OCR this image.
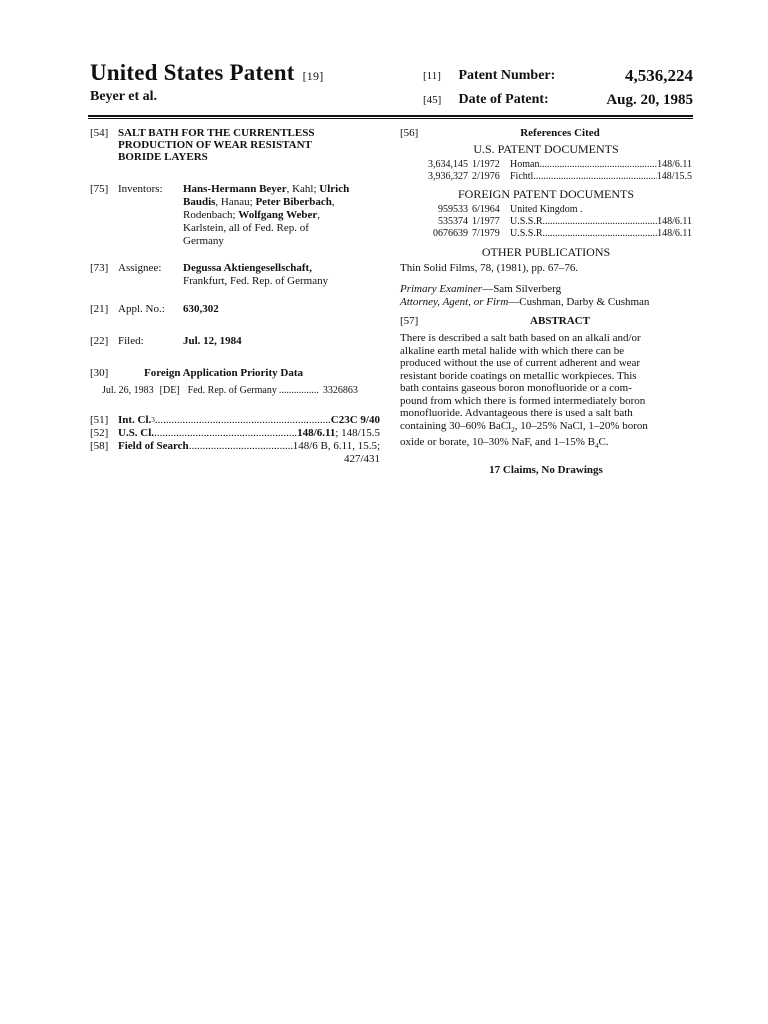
United States Patent [19]
Beyer et al.
[11] Patent Number:	4,536,224
[45] Date of Patent:	Aug. 20, 1985
[54] SALT BATH FOR THE CURRENTLESS
PRODUCTION OF WEAR RESISTANT
BORIDE LAYERS
[75] Inventors:	Hans-Hermann Beyer, Kahl; Ulrich
Baudis, Hanau; Peter Biberbach,
Rodenbach; Wolfgang Weber,
Karlstein, all of Fed. Rep. of
Germany
[73] Assignee:	Degussa Aktiengesellschaft,
Frankfurt, Fed. Rep. of Germany
[21] Appl. No.:	630,302
[22] Filed:	Jul. 12, 1984
[30]	Foreign Application Priority Data
Jul. 26, 1983 [DE] Fed. Rep. of Germany .....	3326863
[51] Int. Cl. 3 .....	C23C 9/40
[52] U.S. Cl. .....	148/6.11 ; 148/15.5
[58] Field of Search .....	148/6 B, 6.11, 15.5;
427/431
[56]	References Cited
U.S. PATENT DOCUMENTS
3,634,145 1/1972	Homan .....	148/6.11
3,936,327 2/1976	Fichtl .....	148/15.5
FOREIGN PATENT DOCUMENTS
959533 6/1964	United Kingdom .
535374 1/1977	U.S.S.R. .....	148/6.11
0676639 7/1979	U.S.S.R. .....	148/6.11
OTHER PUBLICATIONS
Thin Solid Films, 78, (1981), pp. 67–76.
Primary Examiner—Sam Silverberg
Attorney, Agent, or Firm—Cushman, Darby & Cushman
[57]	ABSTRACT
There is described a salt bath based on an alkali and/or
alkaline earth metal halide with which there can be
produced without the use of current adherent and wear
resistant boride coatings on metallic workpieces. This
bath contains gaseous boron monofluoride or a com-
pound from which there is formed intermediately boron
monofluoride. Advantageous there is used a salt bath
containing 30–60% BaCl$_2$, 10–25% NaCl, 1–20% boron
oxide or borate, 10–30% NaF, and 1–15% $B_4C$.
17 Claims, No Drawings
